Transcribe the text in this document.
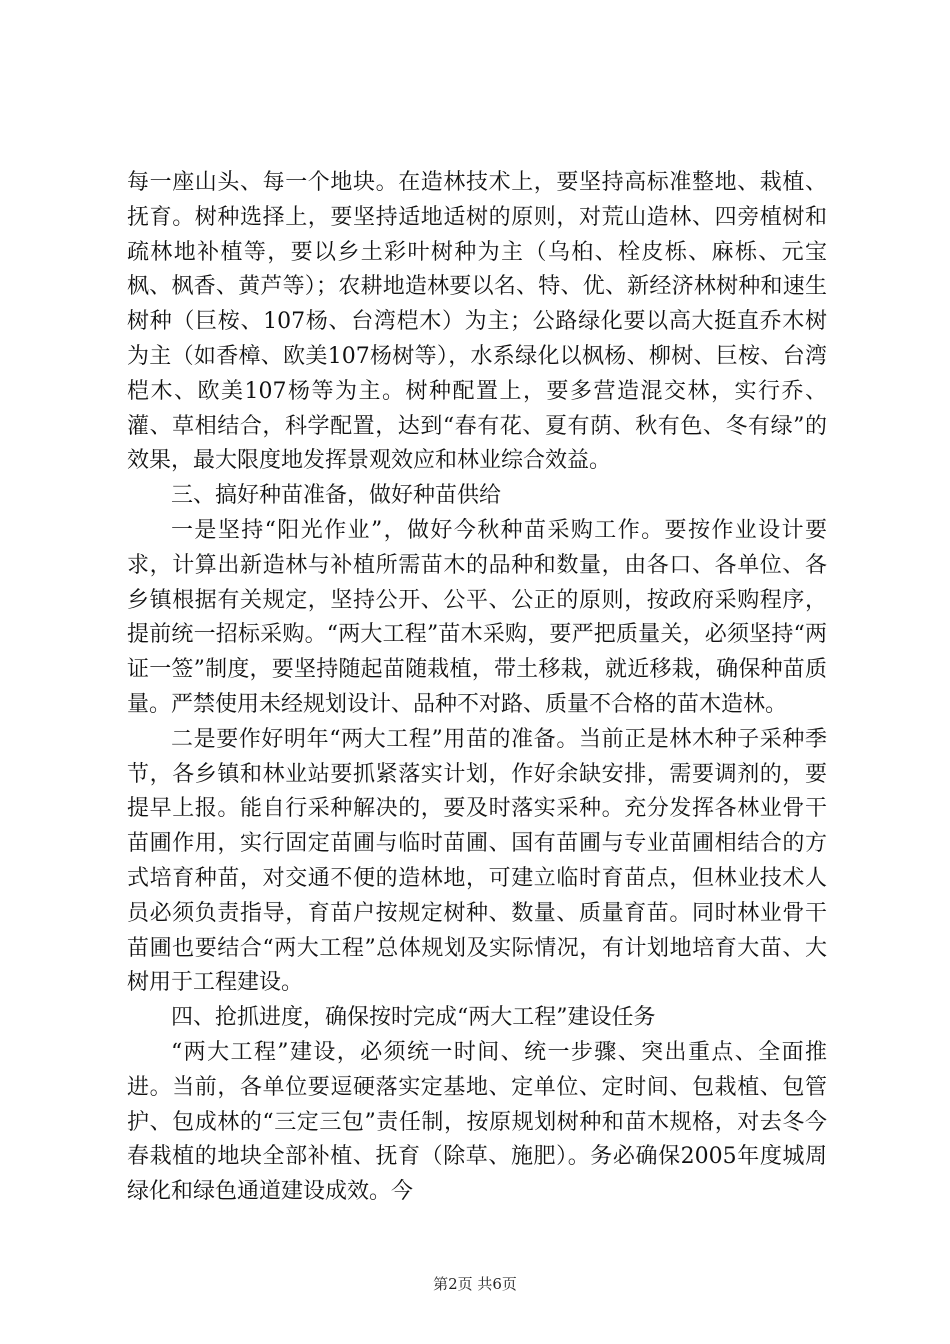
每一座山头、每一个地块。在造林技术上，要坚持高标准整地、栽植、抚育。树种选择上，要坚持适地适树的原则，对荒山造林、四旁植树和疏林地补植等，要以乡土彩叶树种为主（乌桕、栓皮栎、麻栎、元宝枫、枫香、黄芦等）；农耕地造林要以名、特、优、新经济林树种和速生树种（巨桉、107杨、台湾桤木）为主；公路绿化要以高大挺直乔木树为主（如香樟、欧美107杨树等），水系绿化以枫杨、柳树、巨桉、台湾桤木、欧美107杨等为主。树种配置上，要多营造混交林，实行乔、灌、草相结合，科学配置，达到“春有花、夏有荫、秋有色、冬有绿”的效果，最大限度地发挥景观效应和林业综合效益。

三、搞好种苗准备，做好种苗供给

一是坚持“阳光作业”，做好今秋种苗采购工作。要按作业设计要求，计算出新造林与补植所需苗木的品种和数量，由各口、各单位、各乡镇根据有关规定，坚持公开、公平、公正的原则，按政府采购程序，提前统一招标采购。“两大工程”苗木采购，要严把质量关，必须坚持“两证一签”制度，要坚持随起苗随栽植，带土移栽，就近移栽，确保种苗质量。严禁使用未经规划设计、品种不对路、质量不合格的苗木造林。

二是要作好明年“两大工程”用苗的准备。当前正是林木种子采种季节，各乡镇和林业站要抓紧落实计划，作好余缺安排，需要调剂的，要提早上报。能自行采种解决的，要及时落实采种。充分发挥各林业骨干苗圃作用，实行固定苗圃与临时苗圃、国有苗圃与专业苗圃相结合的方式培育种苗，对交通不便的造林地，可建立临时育苗点，但林业技术人员必须负责指导，育苗户按规定树种、数量、质量育苗。同时林业骨干苗圃也要结合“两大工程”总体规划及实际情况，有计划地培育大苗、大树用于工程建设。

四、抢抓进度，确保按时完成“两大工程”建设任务

“两大工程”建设，必须统一时间、统一步骤、突出重点、全面推进。当前，各单位要逗硬落实定基地、定单位、定时间、包栽植、包管护、包成林的“三定三包”责任制，按原规划树种和苗木规格，对去冬今春栽植的地块全部补植、抚育（除草、施肥）。务必确保2005年度城周绿化和绿色通道建设成效。今

第2页 共6页
